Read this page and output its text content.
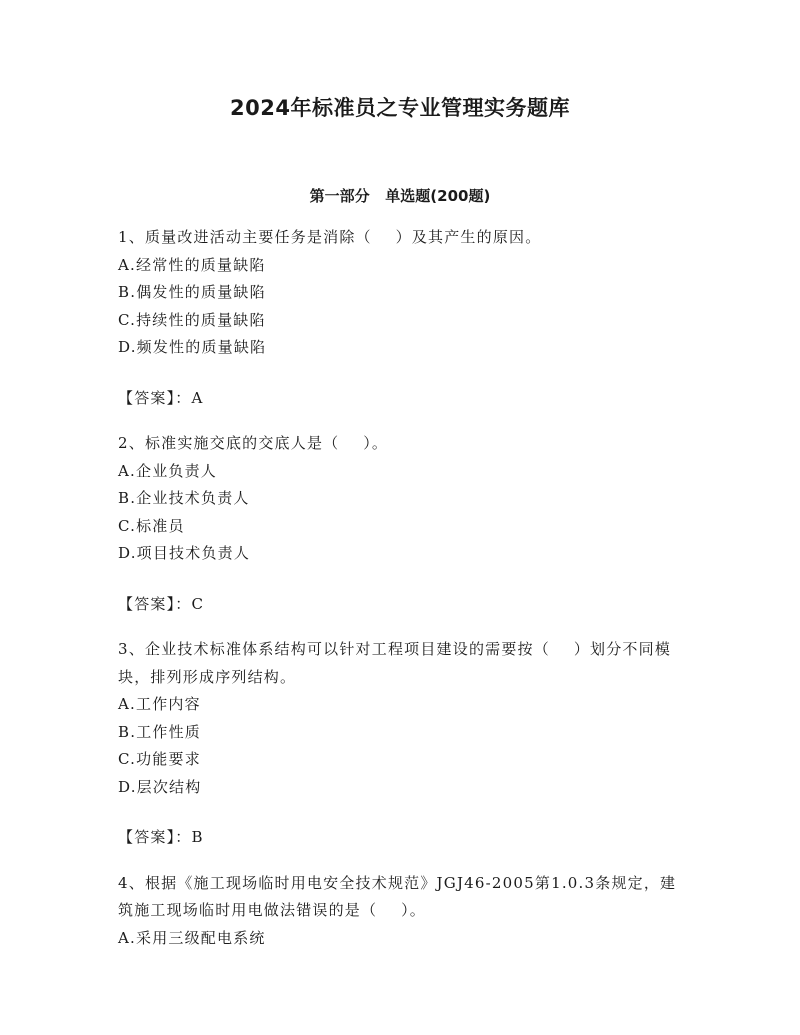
2024年标准员之专业管理实务题库
第一部分   单选题(200题)

1、质量改进活动主要任务是消除（    ）及其产生的原因。

A.经常性的质量缺陷

B.偶发性的质量缺陷

C.持续性的质量缺陷

D.频发性的质量缺陷

【答案】：A

2、标准实施交底的交底人是（    ）。

A.企业负责人

B.企业技术负责人

C.标准员

D.项目技术负责人

【答案】：C

3、企业技术标准体系结构可以针对工程项目建设的需要按（    ）划分不同模块，排列形成序列结构。

A.工作内容

B.工作性质

C.功能要求

D.层次结构

【答案】：B

4、根据《施工现场临时用电安全技术规范》JGJ46-2005第1.0.3条规定，建筑施工现场临时用电做法错误的是（    ）。

A.采用三级配电系统
